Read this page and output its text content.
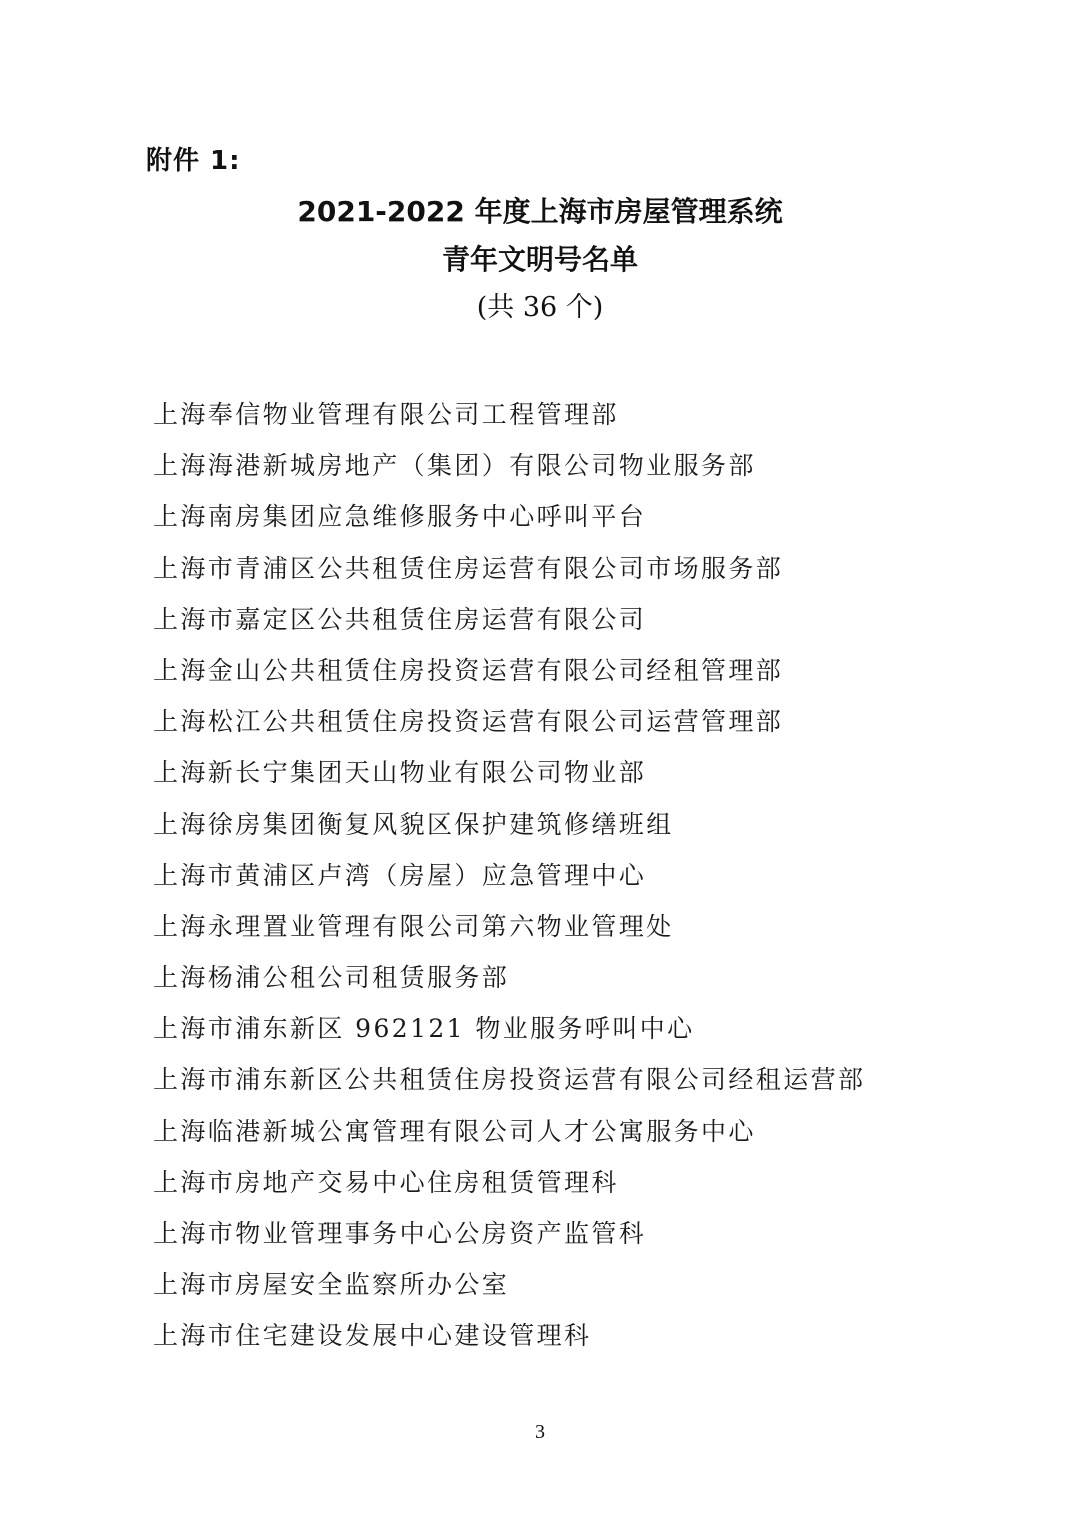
附件 1:
2021-2022 年度上海市房屋管理系统
青年文明号名单
(共 36 个)
上海奉信物业管理有限公司工程管理部
上海海港新城房地产（集团）有限公司物业服务部
上海南房集团应急维修服务中心呼叫平台
上海市青浦区公共租赁住房运营有限公司市场服务部
上海市嘉定区公共租赁住房运营有限公司
上海金山公共租赁住房投资运营有限公司经租管理部
上海松江公共租赁住房投资运营有限公司运营管理部
上海新长宁集团天山物业有限公司物业部
上海徐房集团衡复风貌区保护建筑修缮班组
上海市黄浦区卢湾（房屋）应急管理中心
上海永理置业管理有限公司第六物业管理处
上海杨浦公租公司租赁服务部
上海市浦东新区 962121 物业服务呼叫中心
上海市浦东新区公共租赁住房投资运营有限公司经租运营部
上海临港新城公寓管理有限公司人才公寓服务中心
上海市房地产交易中心住房租赁管理科
上海市物业管理事务中心公房资产监管科
上海市房屋安全监察所办公室
上海市住宅建设发展中心建设管理科
3
